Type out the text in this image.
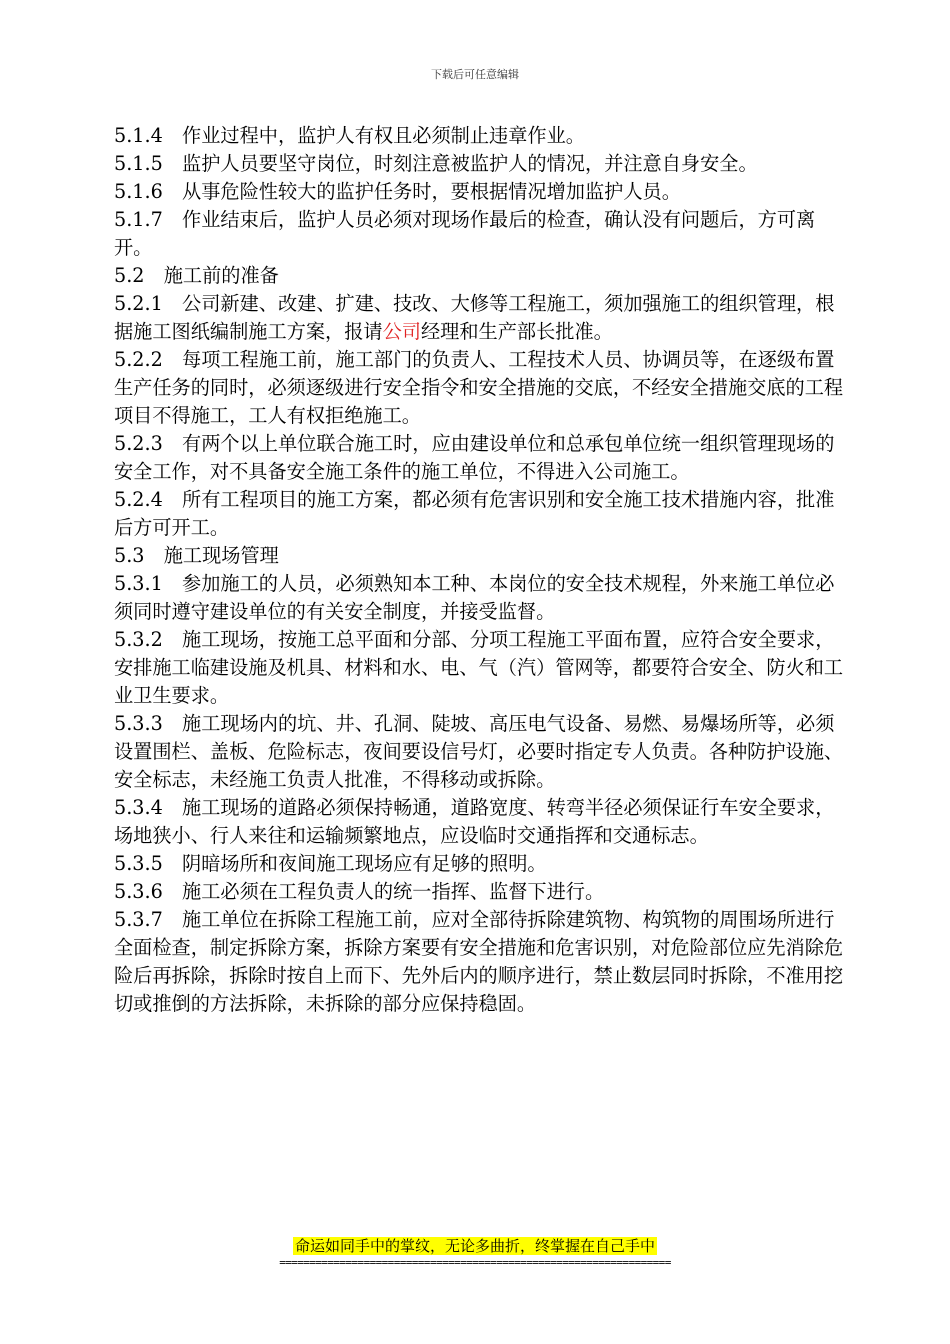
下载后可任意编辑

5.1.4　作业过程中，监护人有权且必须制止违章作业。

5.1.5　监护人员要坚守岗位，时刻注意被监护人的情况，并注意自身安全。

5.1.6　从事危险性较大的监护任务时，要根据情况增加监护人员。

5.1.7　作业结束后，监护人员必须对现场作最后的检查，确认没有问题后，方可离开。

5.2　施工前的准备

5.2.1　公司新建、改建、扩建、技改、大修等工程施工，须加强施工的组织管理，根据施工图纸编制施工方案，报请公司经理和生产部长批准。

5.2.2　每项工程施工前，施工部门的负责人、工程技术人员、协调员等，在逐级布置生产任务的同时，必须逐级进行安全指令和安全措施的交底，不经安全措施交底的工程项目不得施工，工人有权拒绝施工。

5.2.3　有两个以上单位联合施工时，应由建设单位和总承包单位统一组织管理现场的安全工作，对不具备安全施工条件的施工单位，不得进入公司施工。

5.2.4　所有工程项目的施工方案，都必须有危害识别和安全施工技术措施内容，批准后方可开工。

5.3　施工现场管理

5.3.1　参加施工的人员，必须熟知本工种、本岗位的安全技术规程，外来施工单位必须同时遵守建设单位的有关安全制度，并接受监督。

5.3.2　施工现场，按施工总平面和分部、分项工程施工平面布置，应符合安全要求，安排施工临建设施及机具、材料和水、电、气（汽）管网等，都要符合安全、防火和工业卫生要求。

5.3.3　施工现场内的坑、井、孔洞、陡坡、高压电气设备、易燃、易爆场所等，必须设置围栏、盖板、危险标志，夜间要设信号灯，必要时指定专人负责。各种防护设施、安全标志，未经施工负责人批准，不得移动或拆除。

5.3.4　施工现场的道路必须保持畅通，道路宽度、转弯半径必须保证行车安全要求，场地狭小、行人来往和运输频繁地点，应设临时交通指挥和交通标志。

5.3.5　阴暗场所和夜间施工现场应有足够的照明。

5.3.6　施工必须在工程负责人的统一指挥、监督下进行。

5.3.7　施工单位在拆除工程施工前，应对全部待拆除建筑物、构筑物的周围场所进行全面检查，制定拆除方案，拆除方案要有安全措施和危害识别，对危险部位应先消除危险后再拆除，拆除时按自上而下、先外后内的顺序进行，禁止数层同时拆除，不准用挖切或推倒的方法拆除，未拆除的部分应保持稳固。

命运如同手中的掌纹，无论多曲折，终掌握在自己手中
=================================================================
